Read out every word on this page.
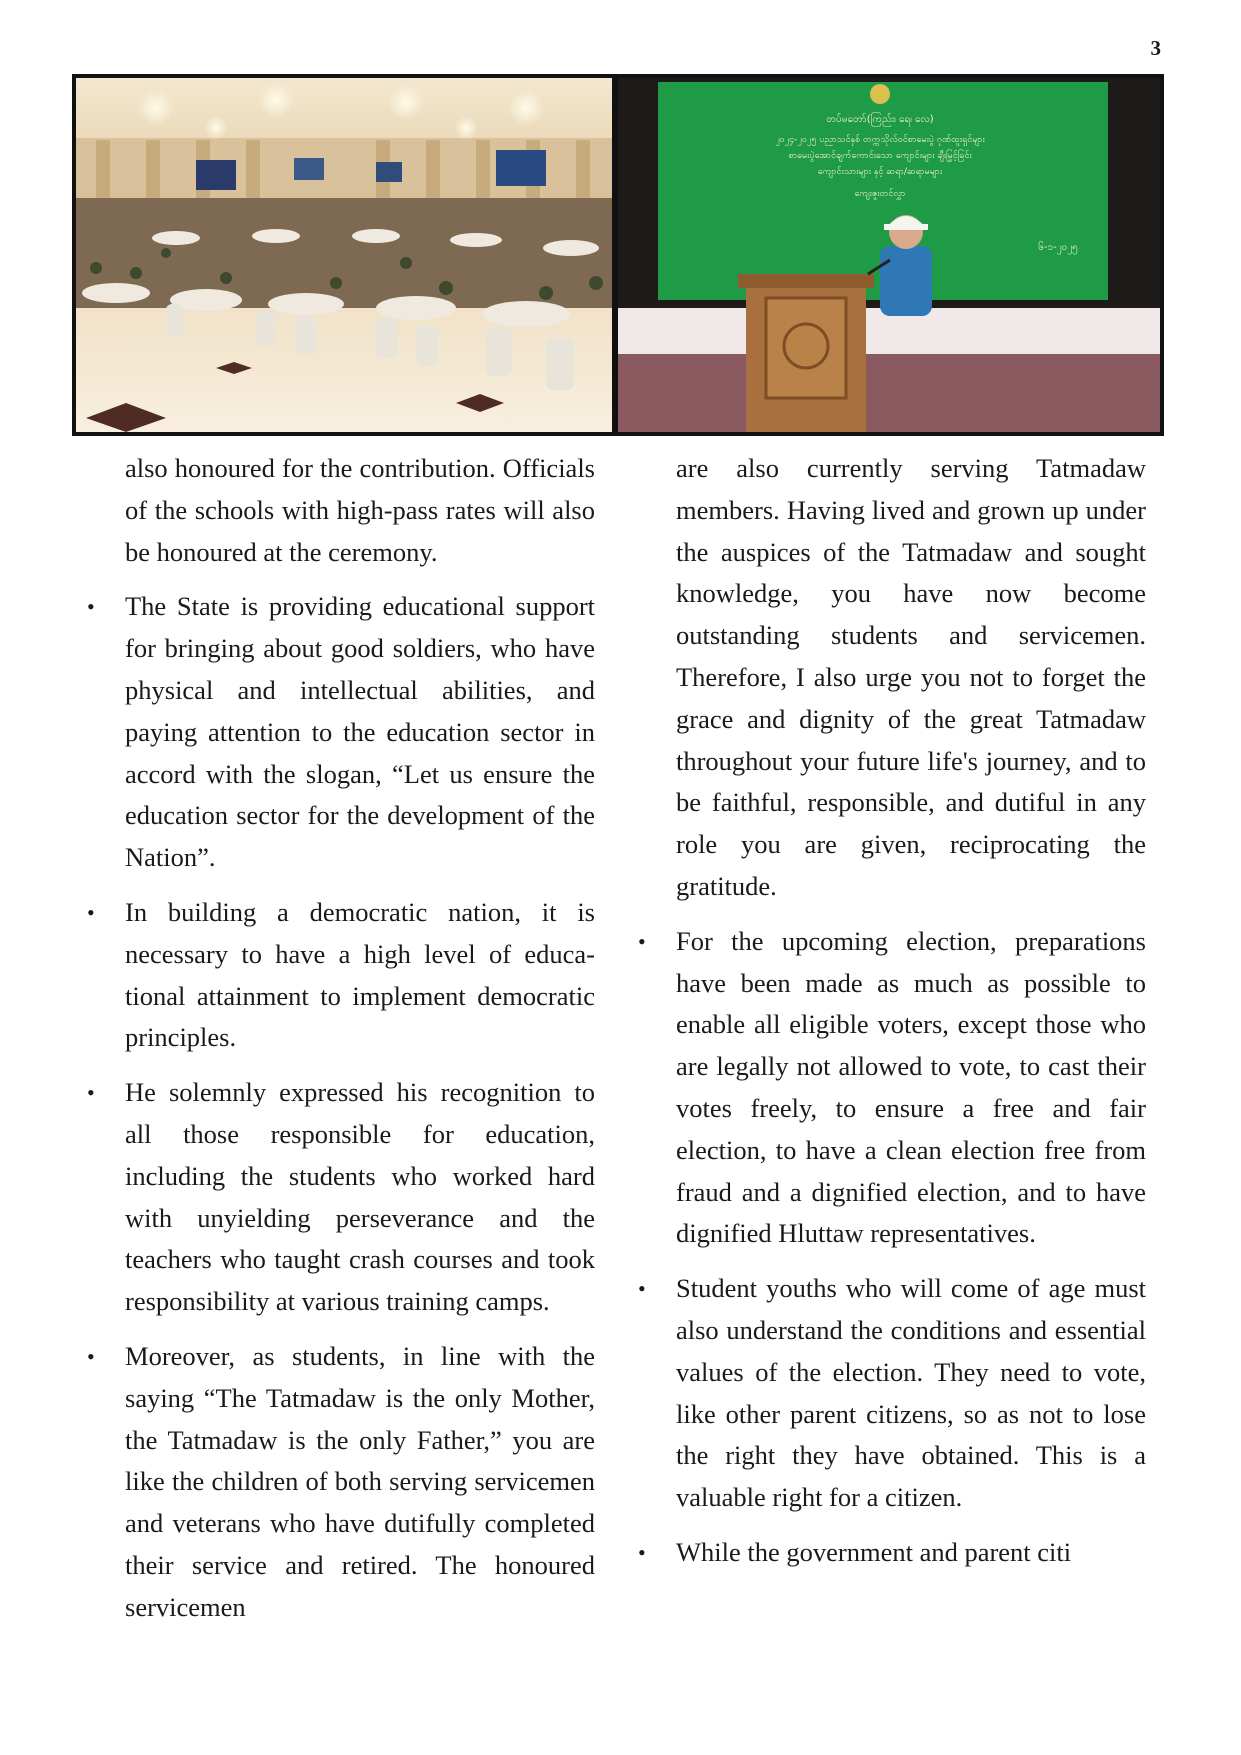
3
တပ်မတော်(ကြည်း၊ ရေ၊ လေ)
၂၀၂၄-၂၀၂၅ ပညာသင်နှစ် တက္ကသိုလ်ဝင်စာမေးပွဲ ဂုဏ်ထူးရှင်များ
စာမေးပွဲအောင်ချက်ကောင်းသော ကျောင်းများ ချီးမြှင့်ခြင်း
ကျောင်းသားများ နှင့် ဆရာ/ဆရာမများ
ကျေးဇူးတင်လွှာ
၆-၁-၂၀၂၅
also honoured for the contribution. Officials of the schools with high-pass rates will also be honoured at the ceremony.
• The State is providing educational support for bringing about good soldiers, who have physical and intellectual abilities, and paying attention to the education sector in accord with the slogan, “Let us ensure the education sector for the development of the Nation”.
• In building a democratic nation, it is necessary to have a high level of educational attainment to implement democratic principles.
• He solemnly expressed his recognition to all those responsible for education, including the students who worked hard with unyielding perseverance and the teachers who taught crash courses and took responsibility at various training camps.
• Moreover, as students, in line with the saying “The Tatmadaw is the only Mother, the Tatmadaw is the only Father,” you are like the children of both serving servicemen and veterans who have dutifully completed their service and retired. The honoured servicemen
are also currently serving Tatmadaw members. Having lived and grown up under the auspices of the Tatmadaw and sought knowledge, you have now become outstanding students and servicemen. Therefore, I also urge you not to forget the grace and dignity of the great Tatmadaw throughout your future life's journey, and to be faithful, responsible, and dutiful in any role you are given, reciprocating the gratitude.
• For the upcoming election, preparations have been made as much as possible to enable all eligible voters, except those who are legally not allowed to vote, to cast their votes freely, to ensure a free and fair election, to have a clean election free from fraud and a dignified election, and to have dignified Hluttaw representatives.
• Student youths who will come of age must also understand the conditions and essential values of the election. They need to vote, like other parent citizens, so as not to lose the right they have obtained. This is a valuable right for a citizen.
• While the government and parent citi
